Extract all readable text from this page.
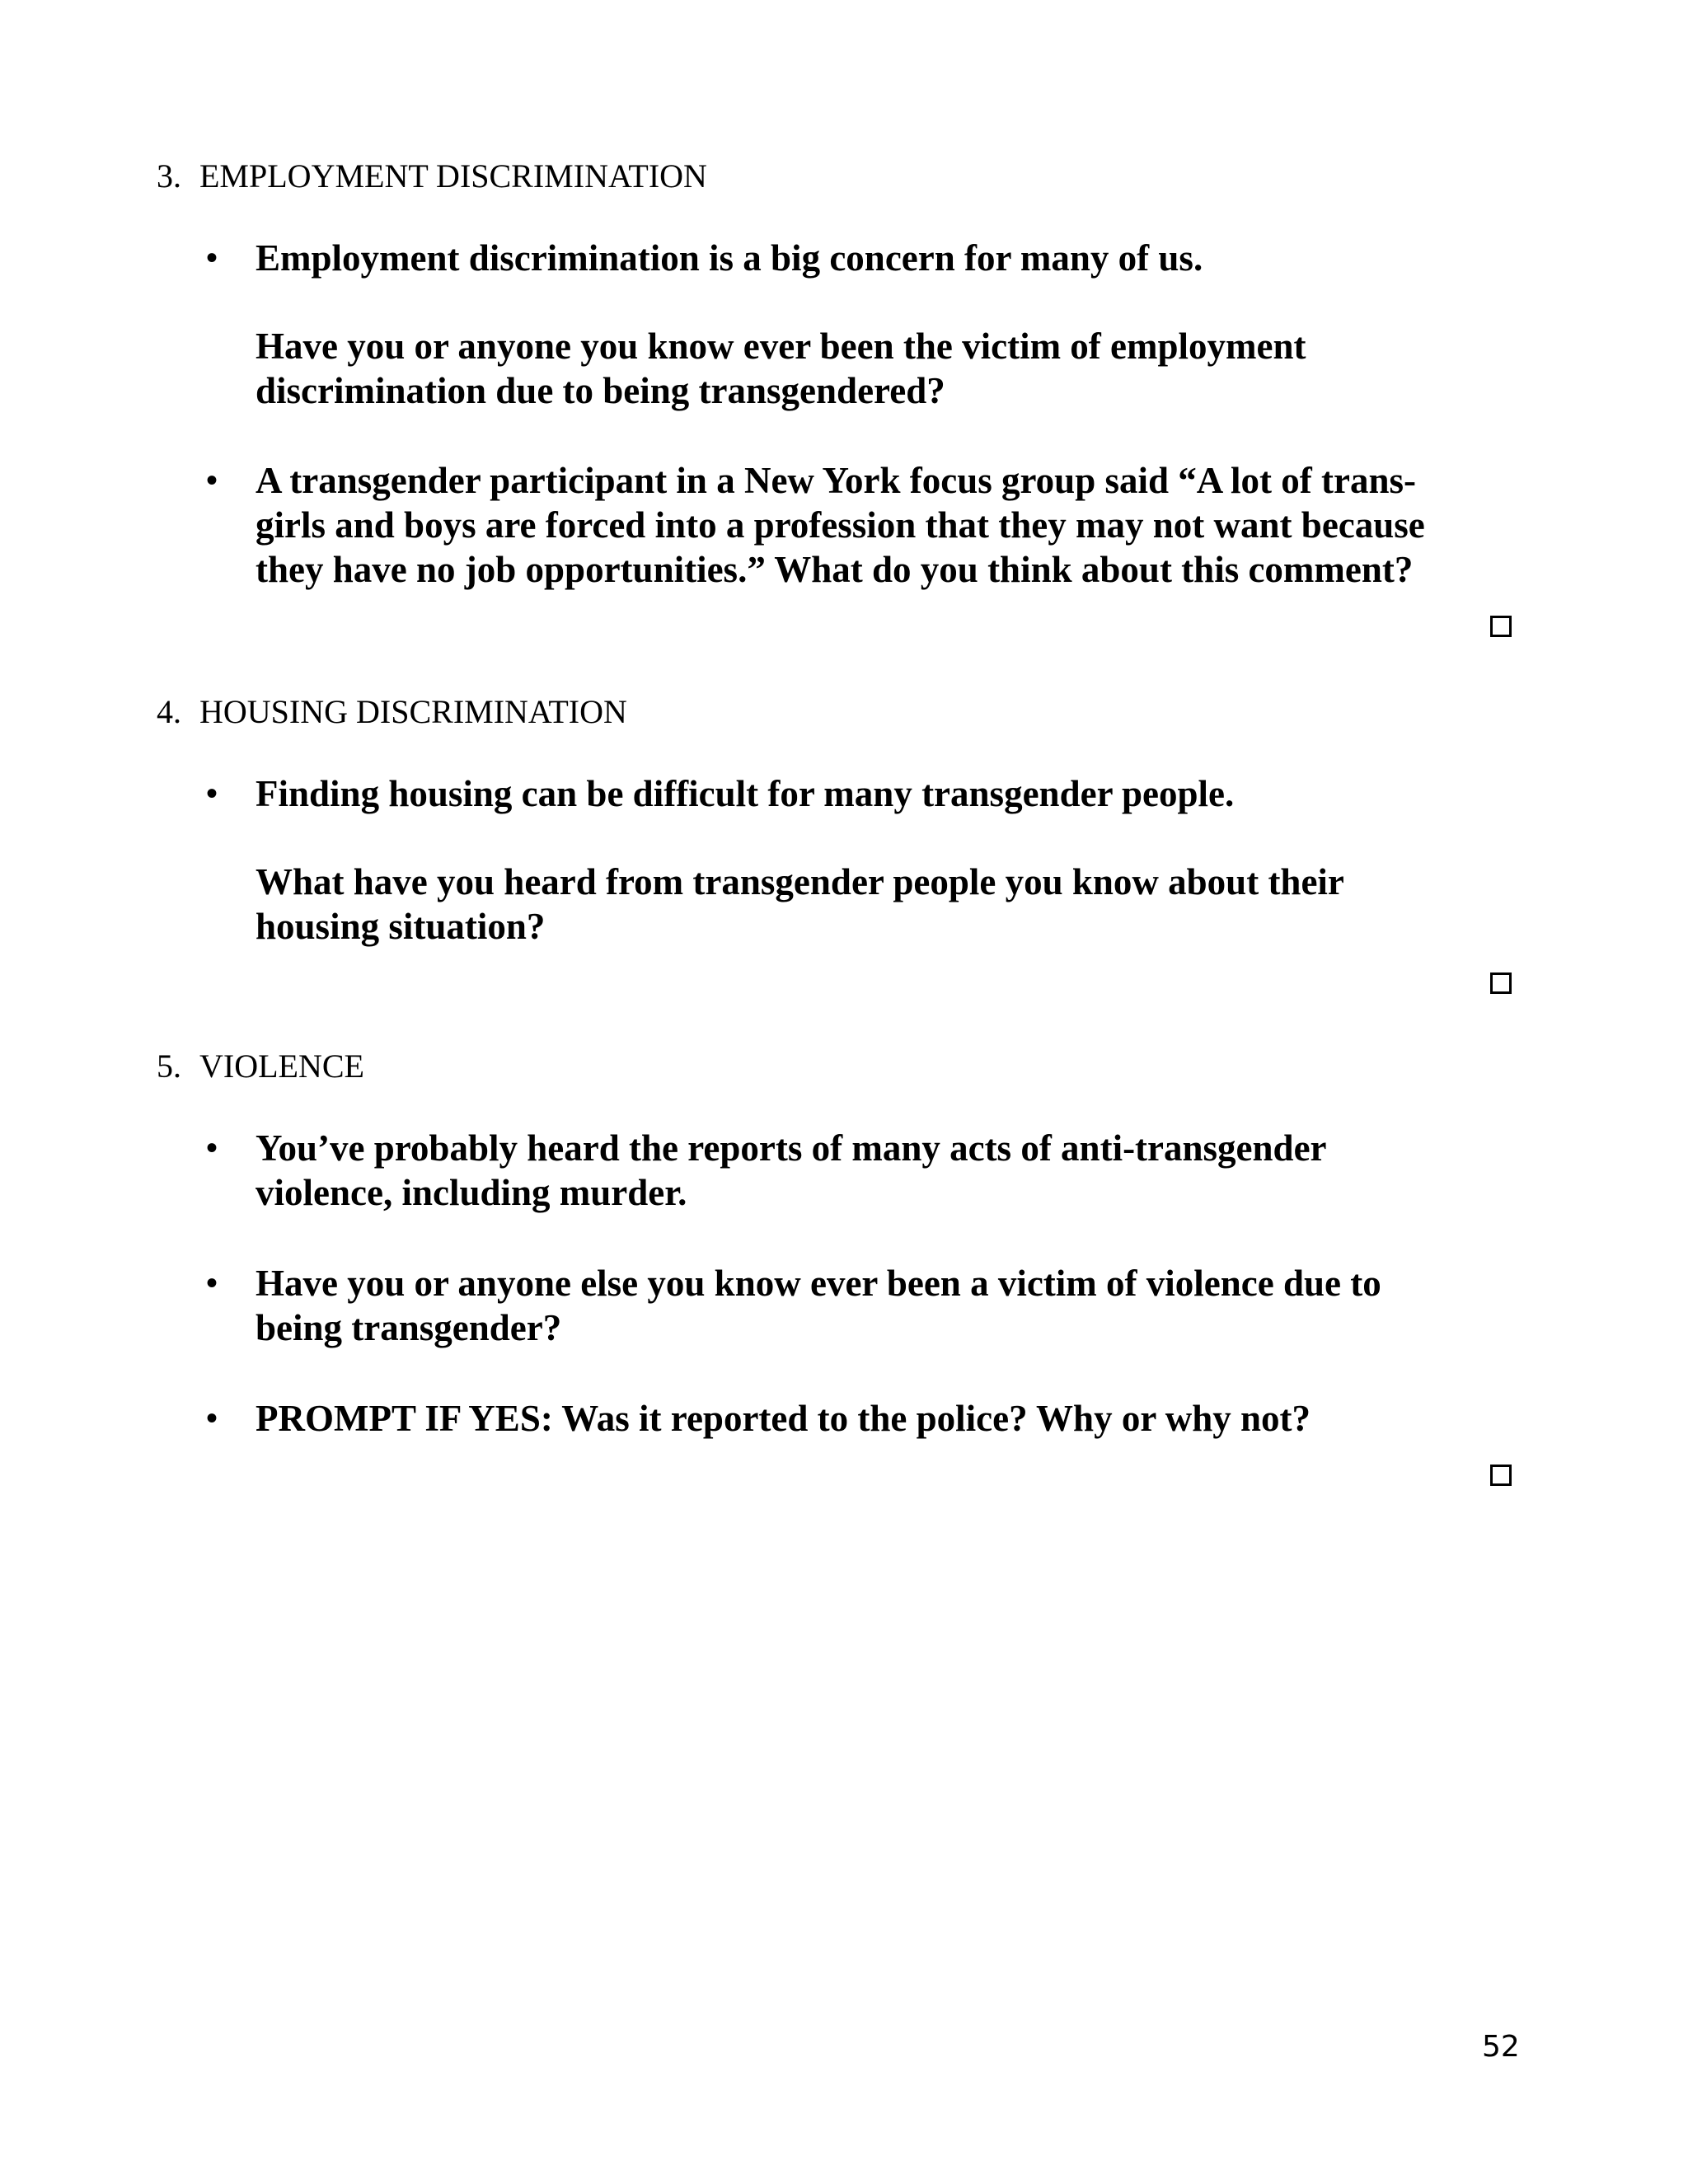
3. EMPLOYMENT DISCRIMINATION
• Employment discrimination is a big concern for many of us.
Have you or anyone you know ever been the victim of employment
discrimination due to being transgendered?
• A transgender participant in a New York focus group said “A lot of trans-
girls and boys are forced into a profession that they may not want because
they have no job opportunities.” What do you think about this comment?
4. HOUSING DISCRIMINATION
• Finding housing can be difficult for many transgender people.
What have you heard from transgender people you know about their
housing situation?
5. VIOLENCE
• You’ve probably heard the reports of many acts of anti-transgender
violence, including murder.
• Have you or anyone else you know ever been a victim of violence due to
being transgender?
• PROMPT IF YES: Was it reported to the police? Why or why not?
52
